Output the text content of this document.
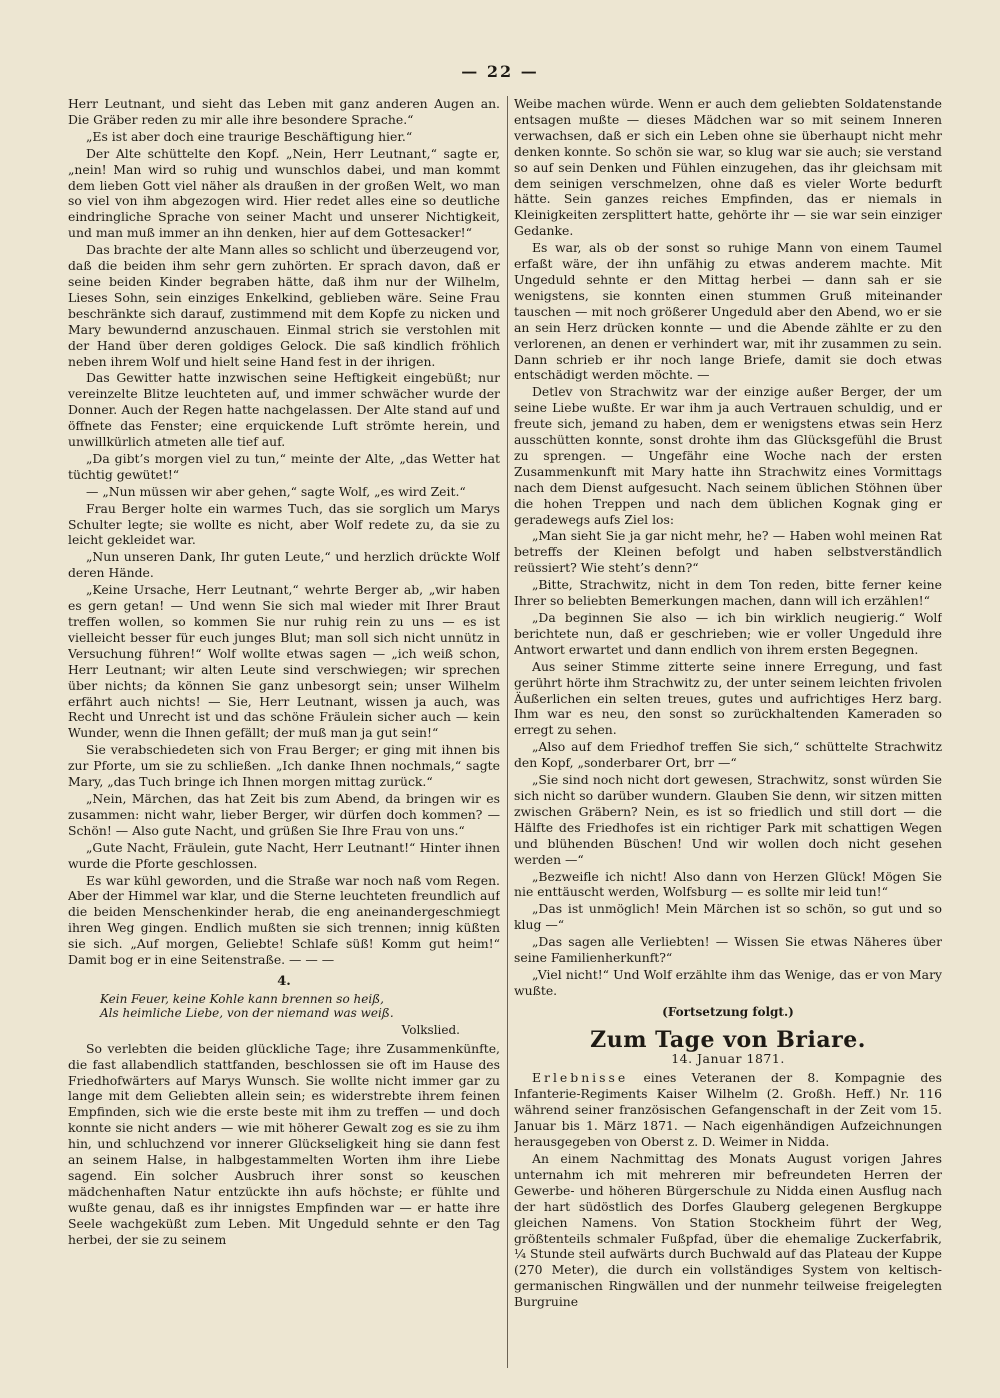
— 22 —

Herr Leutnant, und sieht das Leben mit ganz anderen Augen an. Die Gräber reden zu mir alle ihre besondere Sprache.“

„Es ist aber doch eine traurige Beschäftigung hier.“

Der Alte schüttelte den Kopf. „Nein, Herr Leutnant,“ sagte er, „nein! Man wird so ruhig und wunschlos dabei, und man kommt dem lieben Gott viel näher als draußen in der großen Welt, wo man so viel von ihm abgezogen wird. Hier redet alles eine so deutliche eindringliche Sprache von seiner Macht und unserer Nichtigkeit, und man muß immer an ihn denken, hier auf dem Gottesacker!“

Das brachte der alte Mann alles so schlicht und überzeugend vor, daß die beiden ihm sehr gern zuhörten. Er sprach davon, daß er seine beiden Kinder begraben hätte, daß ihm nur der Wilhelm, Lieses Sohn, sein einziges Enkelkind, geblieben wäre. Seine Frau beschränkte sich darauf, zustimmend mit dem Kopfe zu nicken und Mary bewundernd anzuschauen. Einmal strich sie verstohlen mit der Hand über deren goldiges Gelock. Die saß kindlich fröhlich neben ihrem Wolf und hielt seine Hand fest in der ihrigen.

Das Gewitter hatte inzwischen seine Heftigkeit eingebüßt; nur vereinzelte Blitze leuchteten auf, und immer schwächer wurde der Donner. Auch der Regen hatte nachgelassen. Der Alte stand auf und öffnete das Fenster; eine erquickende Luft strömte herein, und unwillkürlich atmeten alle tief auf.

„Da gibt’s morgen viel zu tun,“ meinte der Alte, „das Wetter hat tüchtig gewütet!“

— „Nun müssen wir aber gehen,“ sagte Wolf, „es wird Zeit.“

Frau Berger holte ein warmes Tuch, das sie sorglich um Marys Schulter legte; sie wollte es nicht, aber Wolf redete zu, da sie zu leicht gekleidet war.

„Nun unseren Dank, Ihr guten Leute,“ und herzlich drückte Wolf deren Hände.

„Keine Ursache, Herr Leutnant,“ wehrte Berger ab, „wir haben es gern getan! — Und wenn Sie sich mal wieder mit Ihrer Braut treffen wollen, so kommen Sie nur ruhig rein zu uns — es ist vielleicht besser für euch junges Blut; man soll sich nicht unnütz in Versuchung führen!“ Wolf wollte etwas sagen — „ich weiß schon, Herr Leutnant; wir alten Leute sind verschwiegen; wir sprechen über nichts; da können Sie ganz unbesorgt sein; unser Wilhelm erfährt auch nichts! — Sie, Herr Leutnant, wissen ja auch, was Recht und Unrecht ist und das schöne Fräulein sicher auch — kein Wunder, wenn die Ihnen gefällt; der muß man ja gut sein!“

Sie verabschiedeten sich von Frau Berger; er ging mit ihnen bis zur Pforte, um sie zu schließen. „Ich danke Ihnen nochmals,“ sagte Mary, „das Tuch bringe ich Ihnen morgen mittag zurück.“

„Nein, Märchen, das hat Zeit bis zum Abend, da bringen wir es zusammen: nicht wahr, lieber Berger, wir dürfen doch kommen? — Schön! — Also gute Nacht, und grüßen Sie Ihre Frau von uns.“

„Gute Nacht, Fräulein, gute Nacht, Herr Leutnant!“ Hinter ihnen wurde die Pforte geschlossen.

Es war kühl geworden, und die Straße war noch naß vom Regen. Aber der Himmel war klar, und die Sterne leuchteten freundlich auf die beiden Menschenkinder herab, die eng aneinandergeschmiegt ihren Weg gingen. Endlich mußten sie sich trennen; innig küßten sie sich. „Auf morgen, Geliebte! Schlafe süß! Komm gut heim!“ Damit bog er in eine Seitenstraße. — — —

4.
Kein Feuer, keine Kohle kann brennen so heiß,
Als heimliche Liebe, von der niemand was weiß.
Volkslied.

So verlebten die beiden glückliche Tage; ihre Zusammenkünfte, die fast allabendlich stattfanden, beschlossen sie oft im Hause des Friedhofwärters auf Marys Wunsch. Sie wollte nicht immer gar zu lange mit dem Geliebten allein sein; es widerstrebte ihrem feinen Empfinden, sich wie die erste beste mit ihm zu treffen — und doch konnte sie nicht anders — wie mit höherer Gewalt zog es sie zu ihm hin, und schluchzend vor innerer Glückseligkeit hing sie dann fest an seinem Halse, in halbgestammelten Worten ihm ihre Liebe sagend. Ein solcher Ausbruch ihrer sonst so keuschen mädchenhaften Natur entzückte ihn aufs höchste; er fühlte und wußte genau, daß es ihr innigstes Empfinden war — er hatte ihre Seele wachgeküßt zum Leben. Mit Ungeduld sehnte er den Tag herbei, der sie zu seinem

Weibe machen würde. Wenn er auch dem geliebten Soldatenstande entsagen mußte — dieses Mädchen war so mit seinem Inneren verwachsen, daß er sich ein Leben ohne sie überhaupt nicht mehr denken konnte. So schön sie war, so klug war sie auch; sie verstand so auf sein Denken und Fühlen einzugehen, das ihr gleichsam mit dem seinigen verschmelzen, ohne daß es vieler Worte bedurft hätte. Sein ganzes reiches Empfinden, das er niemals in Kleinigkeiten zersplittert hatte, gehörte ihr — sie war sein einziger Gedanke.

Es war, als ob der sonst so ruhige Mann von einem Taumel erfaßt wäre, der ihn unfähig zu etwas anderem machte. Mit Ungeduld sehnte er den Mittag herbei — dann sah er sie wenigstens, sie konnten einen stummen Gruß miteinander tauschen — mit noch größerer Ungeduld aber den Abend, wo er sie an sein Herz drücken konnte — und die Abende zählte er zu den verlorenen, an denen er verhindert war, mit ihr zusammen zu sein. Dann schrieb er ihr noch lange Briefe, damit sie doch etwas entschädigt werden möchte. —

Detlev von Strachwitz war der einzige außer Berger, der um seine Liebe wußte. Er war ihm ja auch Vertrauen schuldig, und er freute sich, jemand zu haben, dem er wenigstens etwas sein Herz ausschütten konnte, sonst drohte ihm das Glücksgefühl die Brust zu sprengen. — Ungefähr eine Woche nach der ersten Zusammenkunft mit Mary hatte ihn Strachwitz eines Vormittags nach dem Dienst aufgesucht. Nach seinem üblichen Stöhnen über die hohen Treppen und nach dem üblichen Kognak ging er geradewegs aufs Ziel los:

„Man sieht Sie ja gar nicht mehr, he? — Haben wohl meinen Rat betreffs der Kleinen befolgt und haben selbstverständlich reüssiert? Wie steht’s denn?“

„Bitte, Strachwitz, nicht in dem Ton reden, bitte ferner keine Ihrer so beliebten Bemerkungen machen, dann will ich erzählen!“

„Da beginnen Sie also — ich bin wirklich neugierig.“ Wolf berichtete nun, daß er geschrieben; wie er voller Ungeduld ihre Antwort erwartet und dann endlich von ihrem ersten Begegnen.

Aus seiner Stimme zitterte seine innere Erregung, und fast gerührt hörte ihm Strachwitz zu, der unter seinem leichten frivolen Äußerlichen ein selten treues, gutes und aufrichtiges Herz barg. Ihm war es neu, den sonst so zurückhaltenden Kameraden so erregt zu sehen.

„Also auf dem Friedhof treffen Sie sich,“ schüttelte Strachwitz den Kopf, „sonderbarer Ort, brr —“

„Sie sind noch nicht dort gewesen, Strachwitz, sonst würden Sie sich nicht so darüber wundern. Glauben Sie denn, wir sitzen mitten zwischen Gräbern? Nein, es ist so friedlich und still dort — die Hälfte des Friedhofes ist ein richtiger Park mit schattigen Wegen und blühenden Büschen! Und wir wollen doch nicht gesehen werden —“

„Bezweifle ich nicht! Also dann von Herzen Glück! Mögen Sie nie enttäuscht werden, Wolfsburg — es sollte mir leid tun!“

„Das ist unmöglich! Mein Märchen ist so schön, so gut und so klug —“

„Das sagen alle Verliebten! — Wissen Sie etwas Näheres über seine Familienherkunft?“

„Viel nicht!“ Und Wolf erzählte ihm das Wenige, das er von Mary wußte.

(Fortsetzung folgt.)
Zum Tage von Briare.
14. Januar 1871.

Erlebnisse eines Veteranen der 8. Kompagnie des Infanterie-Regiments Kaiser Wilhelm (2. Großh. Heff.) Nr. 116 während seiner französischen Gefangenschaft in der Zeit vom 15. Januar bis 1. März 1871. — Nach eigenhändigen Aufzeichnungen herausgegeben von Oberst z. D. Weimer in Nidda.

An einem Nachmittag des Monats August vorigen Jahres unternahm ich mit mehreren mir befreundeten Herren der Gewerbe- und höheren Bürgerschule zu Nidda einen Ausflug nach der hart südöstlich des Dorfes Glauberg gelegenen Bergkuppe gleichen Namens. Von Station Stockheim führt der Weg, größtenteils schmaler Fußpfad, über die ehemalige Zuckerfabrik, ¼ Stunde steil aufwärts durch Buchwald auf das Plateau der Kuppe (270 Meter), die durch ein vollständiges System von keltisch-germanischen Ringwällen und der nunmehr teilweise freigelegten Burgruine
